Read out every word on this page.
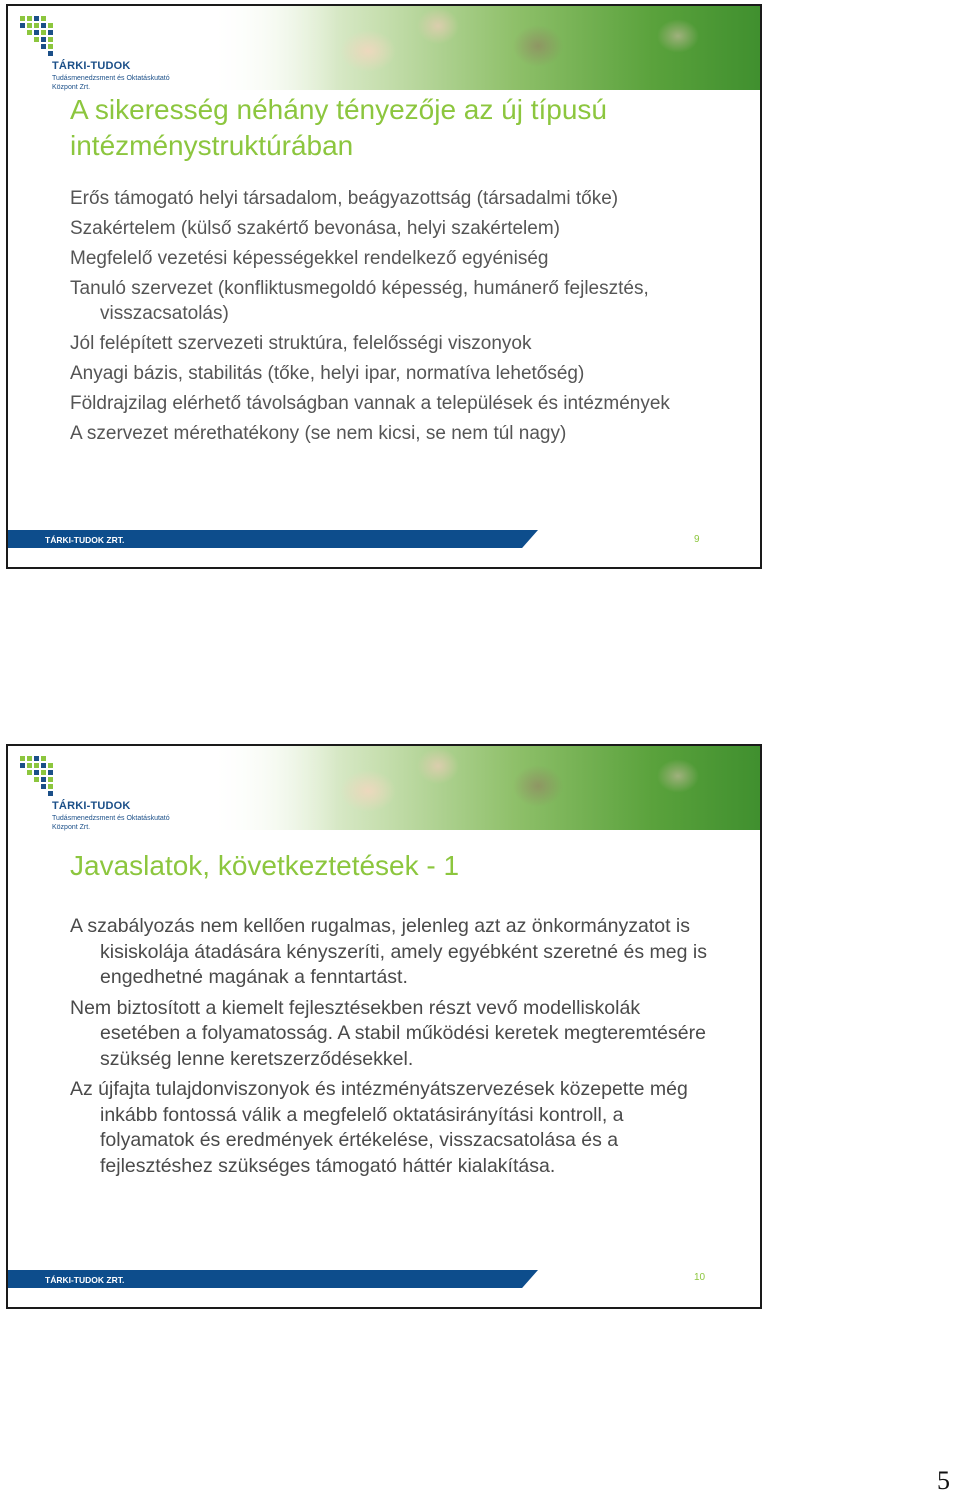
TÁRKI-TUDOK
Tudásmenedzsment és Oktatáskutató
Központ Zrt.
A sikeresség néhány tényezője az új típusú intézménystruktúrában
Erős támogató helyi társadalom, beágyazottság (társadalmi tőke)
Szakértelem (külső szakértő bevonása, helyi szakértelem)
Megfelelő vezetési képességekkel rendelkező egyéniség
Tanuló szervezet (konfliktusmegoldó képesség, humánerő fejlesztés, visszacsatolás)
Jól felépített szervezeti struktúra, felelősségi viszonyok
Anyagi bázis, stabilitás (tőke, helyi ipar, normatíva lehetőség)
Földrajzilag elérhető távolságban vannak a települések és intézmények
A szervezet mérethatékony (se nem kicsi, se nem túl nagy)
TÁRKI-TUDOK ZRT.	9
TÁRKI-TUDOK
Tudásmenedzsment és Oktatáskutató
Központ Zrt.
Javaslatok, következtetések - 1
A szabályozás nem kellően rugalmas, jelenleg azt az önkormányzatot is kisiskolája átadására kényszeríti, amely egyébként szeretné és meg is engedhetné magának a fenntartást.
Nem biztosított a kiemelt fejlesztésekben részt vevő modelliskolák esetében a folyamatosság. A stabil működési keretek megteremtésére szükség lenne keretszerződésekkel.
Az újfajta tulajdonviszonyok és intézményátszervezések közepette még inkább fontossá válik a megfelelő oktatásirányítási kontroll, a folyamatok és eredmények értékelése, visszacsatolása és a fejlesztéshez szükséges támogató háttér kialakítása.
TÁRKI-TUDOK ZRT.	10
5
